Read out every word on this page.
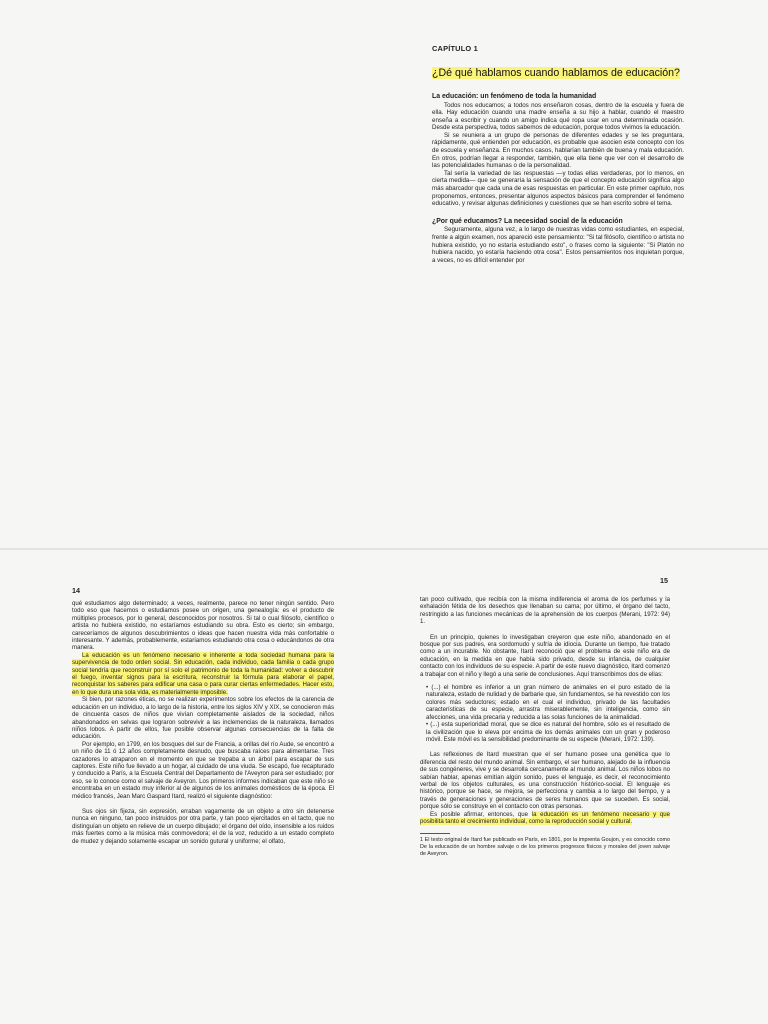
CAPÍTULO 1
¿Dé qué hablamos cuando hablamos de educación?
La educación: un fenómeno de toda la humanidad

Todos nos educamos; a todos nos enseñaron cosas, dentro de la escuela y fuera de ella. Hay educación cuando una madre enseña a su hijo a hablar, cuando el maestro enseña a escribir y cuando un amigo indica qué ropa usar en una determinada ocasión. Desde esta perspectiva, todos sabemos de educación, porque todos vivimos la educación.

Si se reuniera a un grupo de personas de diferentes edades y se les preguntara, rápidamente, qué entienden por educación, es probable que asocien este concepto con los de escuela y enseñanza. En muchos casos, hablarían también de buena y mala educación. En otros, podrían llegar a responder, también, que ella tiene que ver con el desarrollo de las potencialidades humanas o de la personalidad.

Tal sería la variedad de las respuestas —y todas ellas verdaderas, por lo menos, en cierta medida— que se generaría la sensación de que el concepto educación significa algo más abarcador que cada una de esas respuestas en particular. En este primer capítulo, nos proponemos, entonces, presentar algunos aspectos básicos para comprender el fenómeno educativo, y revisar algunas definiciones y cuestiones que se han escrito sobre el tema.

¿Por qué educamos? La necesidad social de la educación

Seguramente, alguna vez, a lo largo de nuestras vidas como estudiantes, en especial, frente a algún examen, nos apareció este pensamiento: "Si tal filósofo, científico o artista no hubiera existido, yo no estaría estudiando esto", o frases como la siguiente: "Si Platón no hubiera nacido, yo estaría haciendo otra cosa". Estos pensamientos nos inquietan porque, a veces, no es difícil entender por

14

qué estudiamos algo determinado; a veces, realmente, parece no tener ningún sentido. Pero todo eso que hacemos o estudiamos posee un origen, una genealogía: es el producto de múltiples procesos, por lo general, desconocidos por nosotros. Si tal o cual filósofo, científico o artista no hubiera existido, no estaríamos estudiando su obra. Esto es cierto; sin embargo, careceríamos de algunos descubrimientos o ideas que hacen nuestra vida más confortable o interesante. Y además, probablemente, estaríamos estudiando otra cosa o educándonos de otra manera.

La educación es un fenómeno necesario e inherente a toda sociedad humana para la supervivencia de todo orden social. Sin educación, cada individuo, cada familia o cada grupo social tendría que reconstruir por sí solo el patrimonio de toda la humanidad: volver a descubrir el fuego, inventar signos para la escritura, reconstruir la fórmula para elaborar el papel, reconquistar los saberes para edificar una casa o para curar ciertas enfermedades. Hacer esto, en lo que dura una sola vida, es materialmente imposible.

Si bien, por razones éticas, no se realizan experimentos sobre los efectos de la carencia de educación en un individuo, a lo largo de la historia, entre los siglos XIV y XIX, se conocieron más de cincuenta casos de niños que vivían completamente aislados de la sociedad, niños abandonados en selvas que lograron sobrevivir a las inclemencias de la naturaleza, llamados niños lobos. A partir de ellos, fue posible observar algunas consecuencias de la falta de educación.

Por ejemplo, en 1799, en los bosques del sur de Francia, a orillas del río Aude, se encontró a un niño de 11 ó 12 años completamente desnudo, que buscaba raíces para alimentarse. Tres cazadores lo atraparon en el momento en que se trepaba a un árbol para escapar de sus captores. Este niño fue llevado a un hogar, al cuidado de una viuda. Se escapó, fue recapturado y conducido a París, a la Escuela Central del Departamento de l'Aveyron para ser estudiado; por eso, se lo conoce como el salvaje de Aveyron. Los primeros informes indicaban que este niño se encontraba en un estado muy inferior al de algunos de los animales domésticos de la época. El médico francés, Jean Marc Gaspard Itard, realizó el siguiente diagnóstico:

Sus ojos sin fijeza, sin expresión, erraban vagamente de un objeto a otro sin detenerse nunca en ninguno, tan poco instruidos por otra parte, y tan poco ejercitados en el tacto, que no distinguían un objeto en relieve de un cuerpo dibujado; el órgano del oído, insensible a los ruidos más fuertes como a la música más conmovedora; el de la voz, reducido a un estado completo de mudez y dejando solamente escapar un sonido gutural y uniforme; el olfato,

15

tan poco cultivado, que recibía con la misma indiferencia el aroma de los perfumes y la exhalación fétida de los desechos que llenaban su cama; por último, el órgano del tacto, restringido a las funciones mecánicas de la aprehensión de los cuerpos (Merani, 1972: 94) 1.

En un principio, quienes lo investigaban creyeron que este niño, abandonado en el bosque por sus padres, era sordomudo y sufría de idiocia. Durante un tiempo, fue tratado como a un incurable. No obstante, Itard reconoció que el problema de este niño era de educación, en la medida en que había sido privado, desde su infancia, de cualquier contacto con los individuos de su especie. A partir de este nuevo diagnóstico, Itard comenzó a trabajar con el niño y llegó a una serie de conclusiones. Aquí transcribimos dos de ellas:

• (...) el hombre es inferior a un gran número de animales en el puro estado de la naturaleza, estado de nulidad y de barbarie que, sin fundamentos, se ha revestido con los colores más seductores; estado en el cual el individuo, privado de las facultades características de su especie, arrastra miserablemente, sin inteligencia, como sin afecciones, una vida precaria y reducida a las solas funciones de la animalidad.

• (...) esta superioridad moral, que se dice es natural del hombre, sólo es el resultado de la civilización que lo eleva por encima de los demás animales con un gran y poderoso móvil. Este móvil es la sensibilidad predominante de su especie (Merani, 1972: 139).

Las reflexiones de Itard muestran que el ser humano posee una genética que lo diferencia del resto del mundo animal. Sin embargo, el ser humano, alejado de la influencia de sus congéneres, vive y se desarrolla cercanamente al mundo animal. Los niños lobos no sabían hablar, apenas emitían algún sonido, pues el lenguaje, es decir, el reconocimiento verbal de los objetos culturales, es una construcción histórico-social. El lenguaje es histórico, porque se hace, se mejora, se perfecciona y cambia a lo largo del tiempo, y a través de generaciones y generaciones de seres humanos que se suceden. Es social, porque sólo se construye en el contacto con otras personas.

Es posible afirmar, entonces, que la educación es un fenómeno necesario y que posibilita tanto el crecimiento individual, como la reproducción social y cultural.

1 El texto original de Itard fue publicado en París, en 1801, por la imprenta Goujon, y es conocido como De la educación de un hombre salvaje o de los primeros progresos físicos y morales del joven salvaje de Aveyron.
